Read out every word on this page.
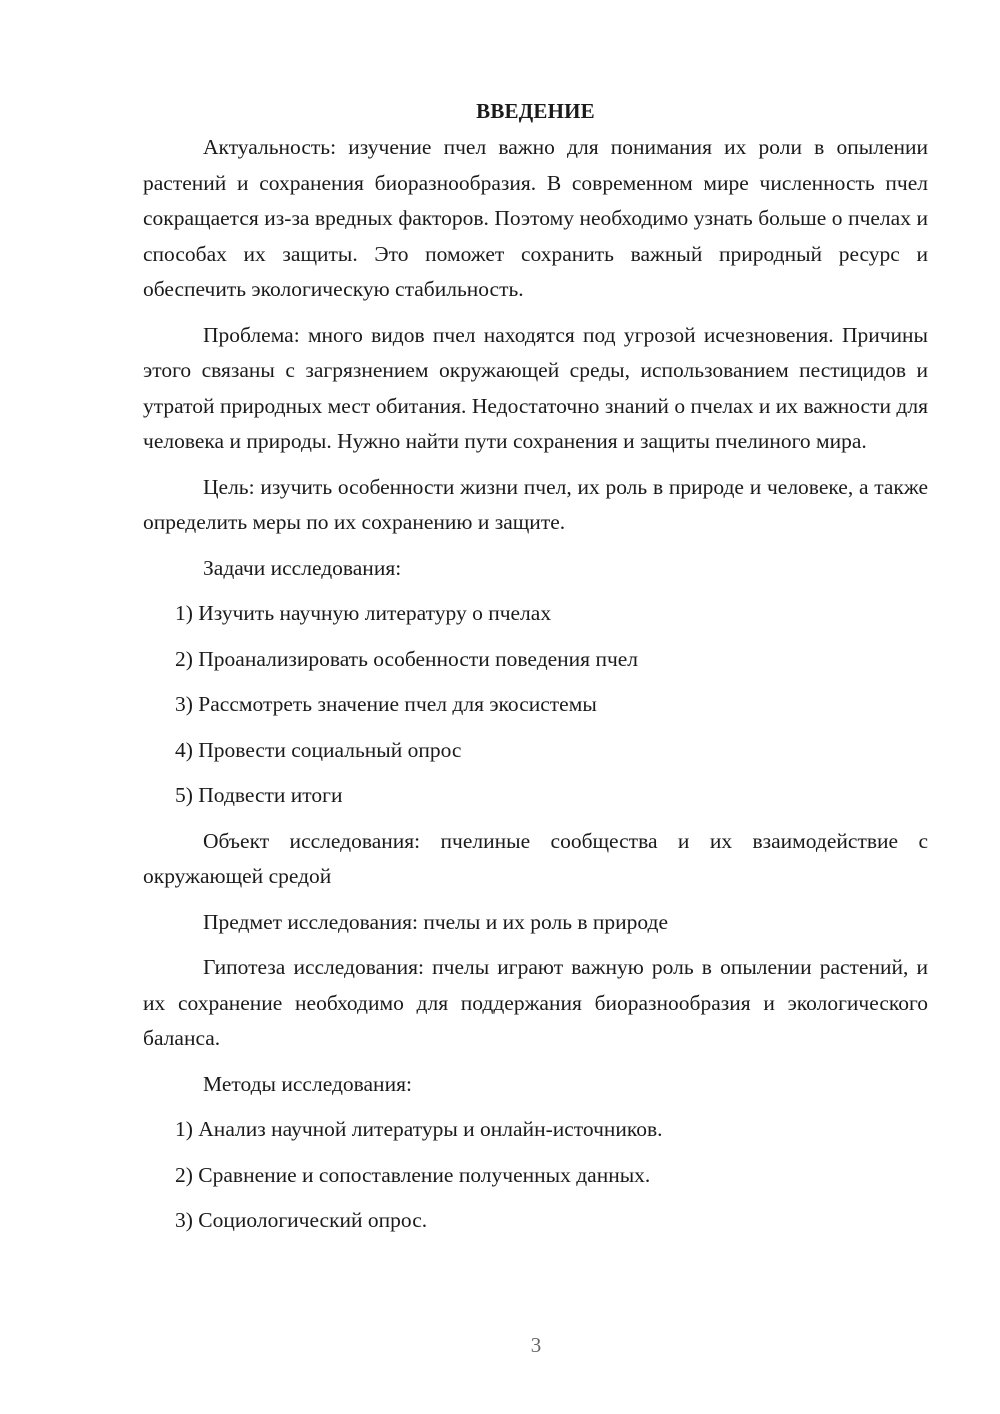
ВВЕДЕНИЕ

Актуальность: изучение пчел важно для понимания их роли в опылении растений и сохранения биоразнообразия. В современном мире численность пчел сокращается из-за вредных факторов. Поэтому необходимо узнать больше о пчелах и способах их защиты. Это поможет сохранить важный природный ресурс и обеспечить экологическую стабильность.

Проблема: много видов пчел находятся под угрозой исчезновения. Причины этого связаны с загрязнением окружающей среды, использованием пестицидов и утратой природных мест обитания. Недостаточно знаний о пчелах и их важности для человека и природы. Нужно найти пути сохранения и защиты пчелиного мира.

Цель: изучить особенности жизни пчел, их роль в природе и человеке, а также определить меры по их сохранению и защите.

Задачи исследования:

1) Изучить научную литературу о пчелах
2) Проанализировать особенности поведения пчел
3) Рассмотреть значение пчел для экосистемы
4) Провести социальный опрос
5) Подвести итоги

Объект исследования: пчелиные сообщества и их взаимодействие с окружающей средой

Предмет исследования: пчелы и их роль в природе

Гипотеза исследования: пчелы играют важную роль в опылении растений, и их сохранение необходимо для поддержания биоразнообразия и экологического баланса.

Методы исследования:

1) Анализ научной литературы и онлайн-источников.
2) Сравнение и сопоставление полученных данных.
3) Социологический опрос.
3
